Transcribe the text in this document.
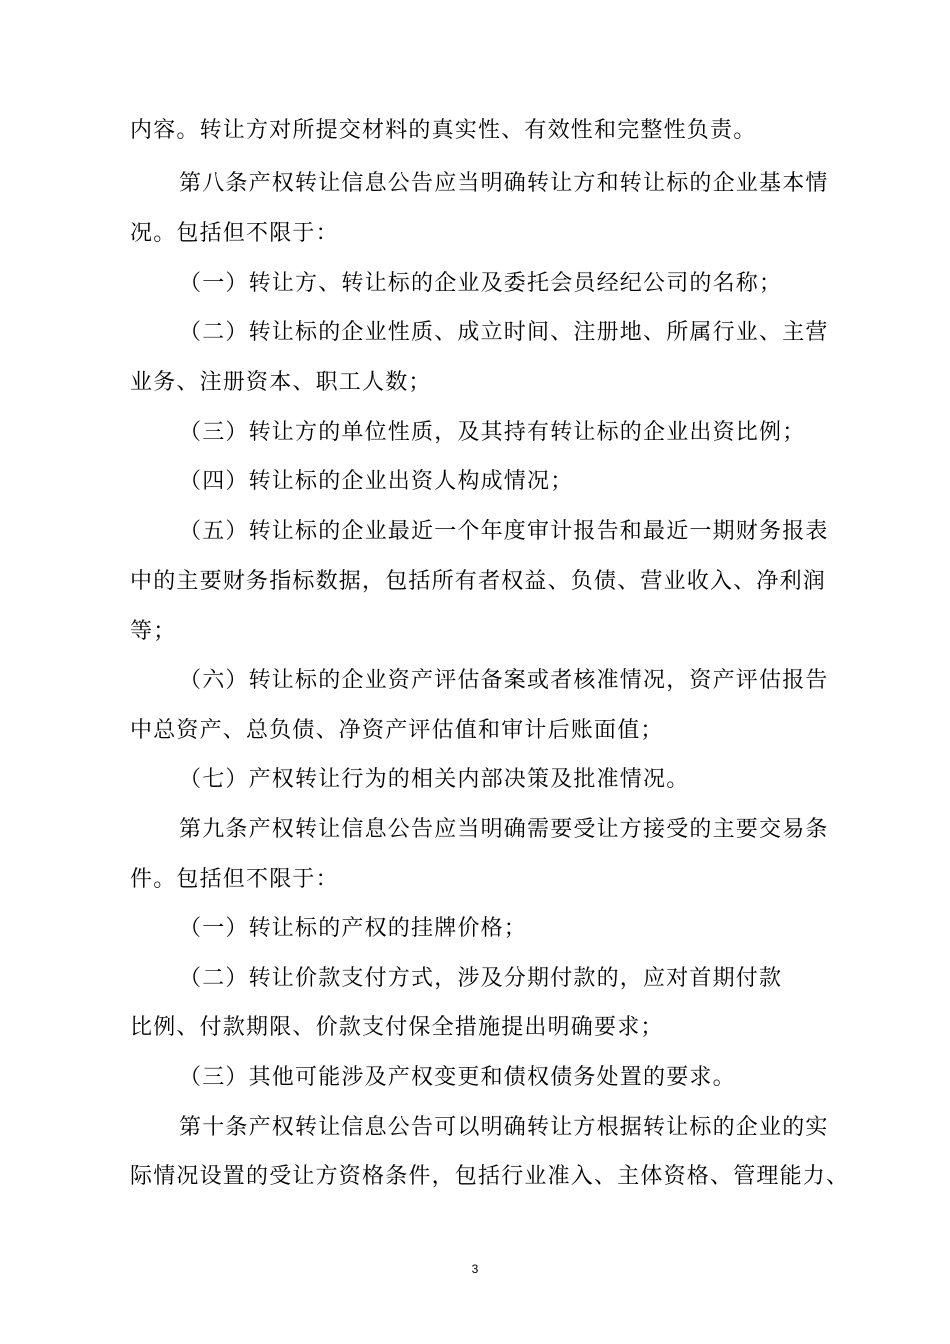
内容。转让方对所提交材料的真实性、有效性和完整性负责。
第八条产权转让信息公告应当明确转让方和转让标的企业基本情
况。包括但不限于：
（一）转让方、转让标的企业及委托会员经纪公司的名称；
（二）转让标的企业性质、成立时间、注册地、所属行业、主营
业务、注册资本、职工人数；
（三）转让方的单位性质，及其持有转让标的企业出资比例；
（四）转让标的企业出资人构成情况；
（五）转让标的企业最近一个年度审计报告和最近一期财务报表
中的主要财务指标数据，包括所有者权益、负债、营业收入、净利润
等；
（六）转让标的企业资产评估备案或者核准情况，资产评估报告
中总资产、总负债、净资产评估值和审计后账面值；
（七）产权转让行为的相关内部决策及批准情况。
第九条产权转让信息公告应当明确需要受让方接受的主要交易条
件。包括但不限于：
（一）转让标的产权的挂牌价格；
（二）转让价款支付方式，涉及分期付款的，应对首期付款
比例、付款期限、价款支付保全措施提出明确要求；
（三）其他可能涉及产权变更和债权债务处置的要求。
第十条产权转让信息公告可以明确转让方根据转让标的企业的实
际情况设置的受让方资格条件，包括行业准入、主体资格、管理能力、
3
